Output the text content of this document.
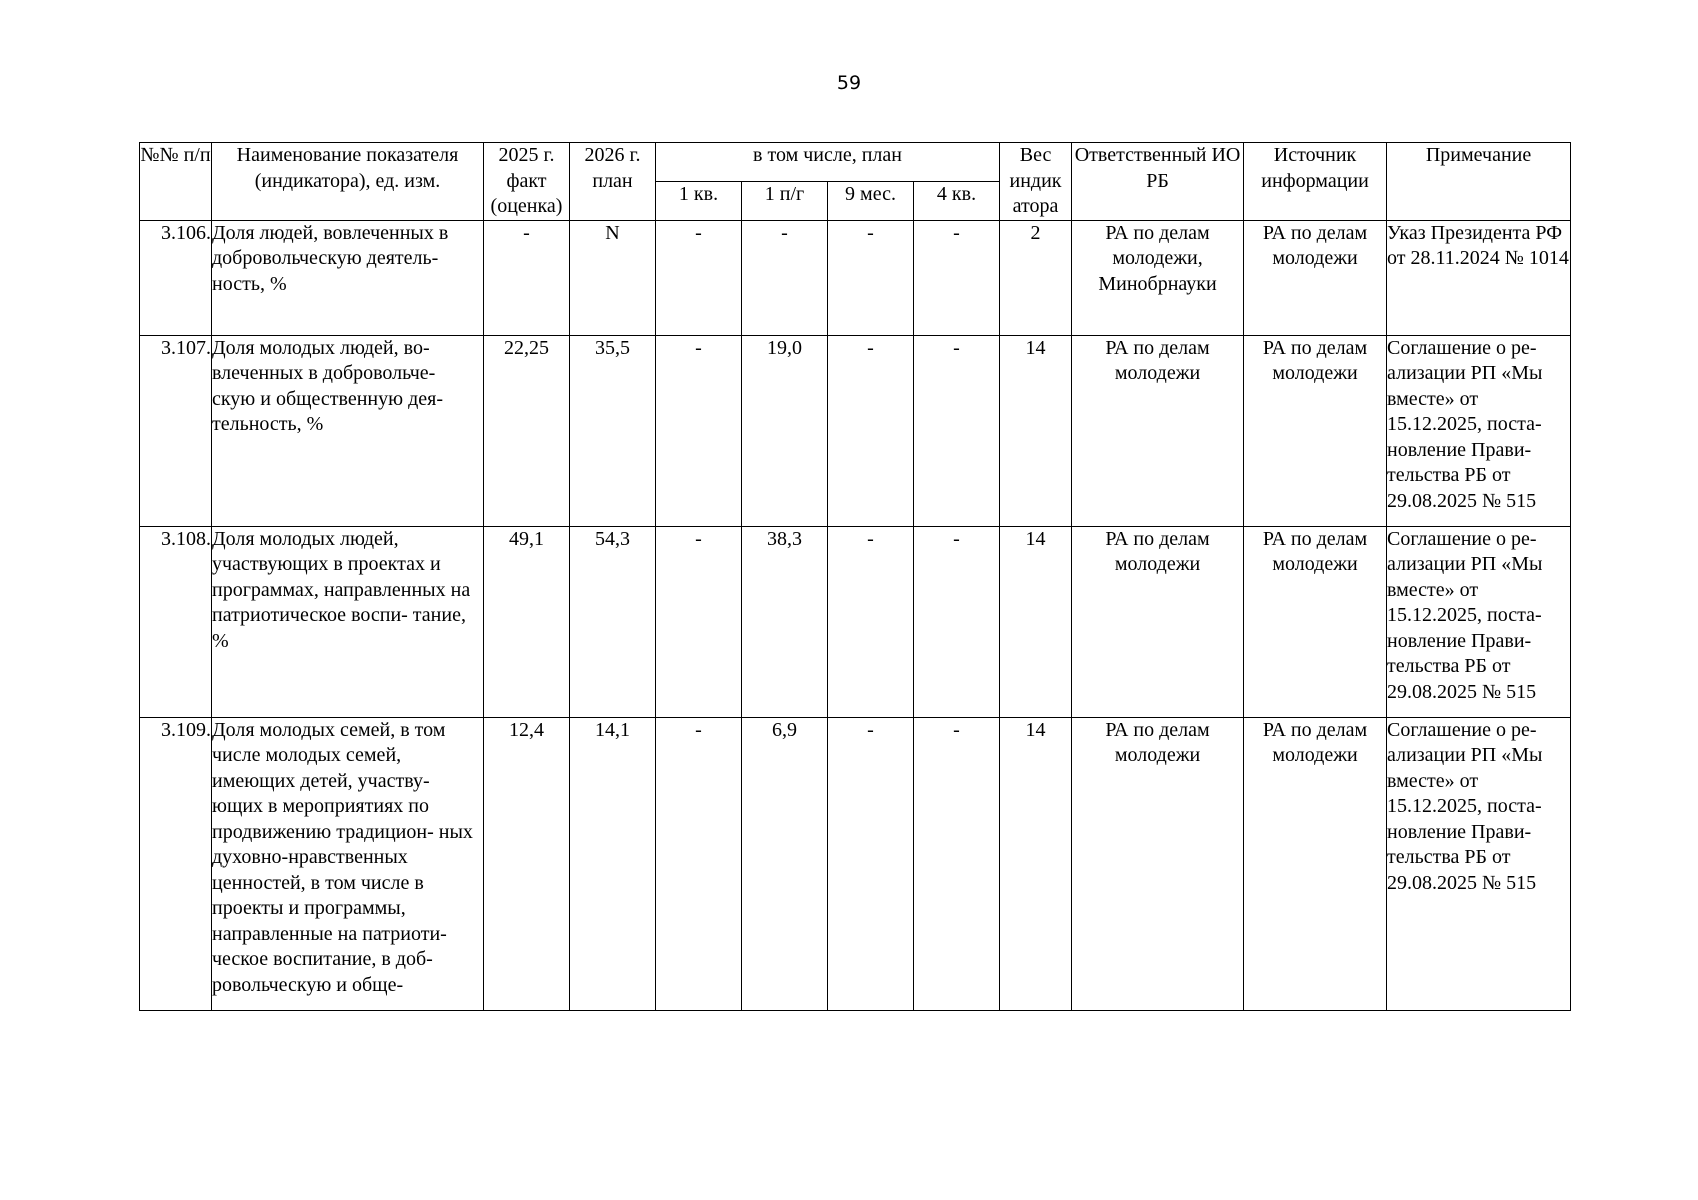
59
№№ п/п	Наименование показателя (индикатора), ед. изм.	2025 г. факт (оценка)	2026 г. план	в том числе, план				Вес индик атора	Ответственный ИО РБ	Источник информации	Примечание
				1 кв.	1 п/г	9 мес.	4 кв.				
3.106.	Доля людей, вовлеченных в добровольческую деятель- ность, %	-	N	-	-	-	-	2	РА по делам молодежи, Минобрнауки	РА по делам молодежи	Указ Президента РФ от 28.11.2024 № 1014
3.107.	Доля молодых людей, во- влеченных в добровольче- скую и общественную дея- тельность, %	22,25	35,5	-	19,0	-	-	14	РА по делам молодежи	РА по делам молодежи	Соглашение о ре- ализации РП «Мы вместе» от 15.12.2025, поста- новление Прави- тельства РБ от 29.08.2025 № 515
3.108.	Доля молодых людей, участвующих в проектах и программах, направленных на патриотическое воспи- тание, %	49,1	54,3	-	38,3	-	-	14	РА по делам молодежи	РА по делам молодежи	Соглашение о ре- ализации РП «Мы вместе» от 15.12.2025, поста- новление Прави- тельства РБ от 29.08.2025 № 515
3.109.	Доля молодых семей, в том числе молодых семей, имеющих детей, участву- ющих в мероприятиях по продвижению традицион- ных духовно-нравственных ценностей, в том числе в проекты и программы, направленные на патриоти- ческое воспитание, в доб- ровольческую и обще-	12,4	14,1	-	6,9	-	-	14	РА по делам молодежи	РА по делам молодежи	Соглашение о ре- ализации РП «Мы вместе» от 15.12.2025, поста- новление Прави- тельства РБ от 29.08.2025 № 515
